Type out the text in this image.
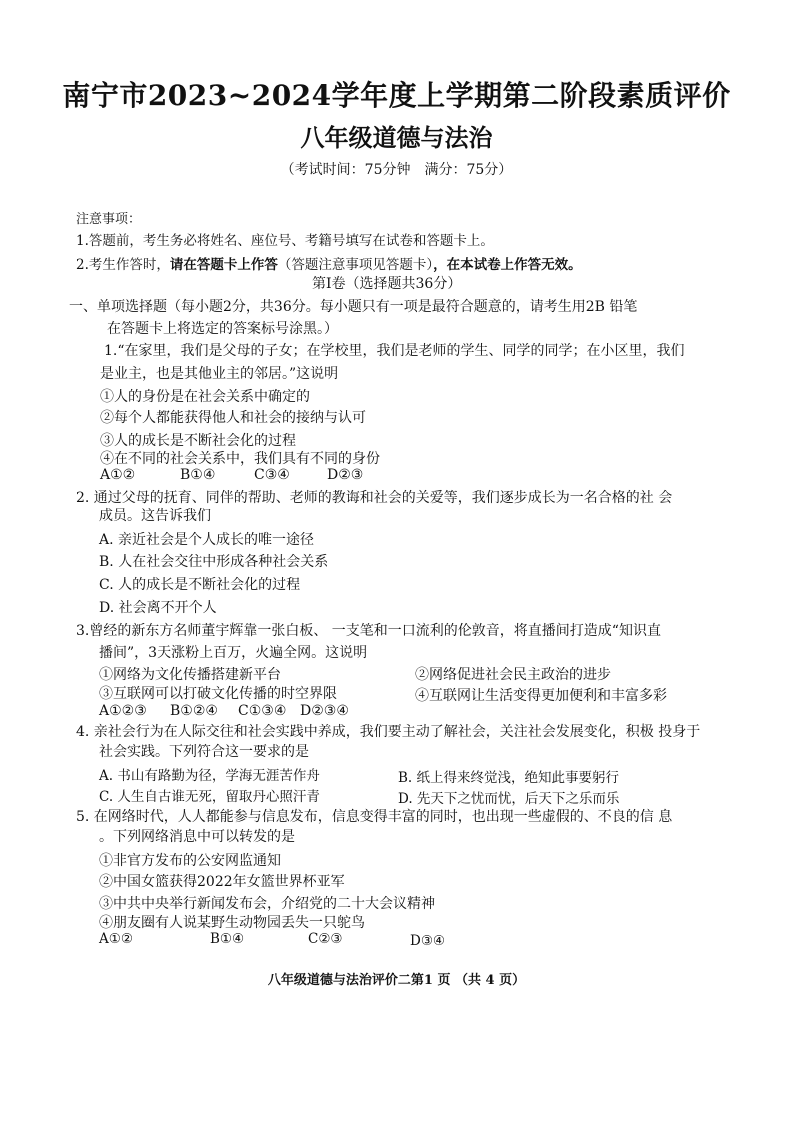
南宁市2023~2024学年度上学期第二阶段素质评价
八年级道德与法治
（考试时间：75分钟　满分：75分）
注意事项：
1.答题前，考生务必将姓名、座位号、考籍号填写在试卷和答题卡上。
2.考生作答时，请在答题卡上作答（答题注意事项见答题卡），在本试卷上作答无效。
第Ⅰ卷（选择题共36分）
一、单项选择题（每小题2分，共36分。每小题只有一项是最符合题意的，请考生用2B 铅笔
在答题卡上将选定的答案标号涂黑。）
1.“在家里，我们是父母的子女；在学校里，我们是老师的学生、同学的同学；在小区里，我们
是业主，也是其他业主的邻居。”这说明
①人的身份是在社会关系中确定的
②每个人都能获得他人和社会的接纳与认可
③人的成长是不断社会化的过程
④在不同的社会关系中，我们具有不同的身份
A①②	B①④	C③④	D②③
2. 通过父母的抚育、同伴的帮助、老师的教诲和社会的关爱等，我们逐步成长为一名合格的社 会
成员。这告诉我们
A. 亲近社会是个人成长的唯一途径
B. 人在社会交往中形成各种社会关系
C. 人的成长是不断社会化的过程
D. 社会离不开个人
3.曾经的新东方名师董宇辉靠一张白板、 一支笔和一口流利的伦敦音，将直播间打造成“知识直
播间”，3天涨粉上百万，火遍全网。这说明
①网络为文化传播搭建新平台	②网络促进社会民主政治的进步
③互联网可以打破文化传播的时空界限	④互联网让生活变得更加便利和丰富多彩
A①②③ B①②④ C①③④ D②③④
4. 亲社会行为在人际交往和社会实践中养成，我们要主动了解社会，关注社会发展变化，积极 投身于
社会实践。下列符合这一要求的是
A. 书山有路勤为径，学海无涯苦作舟	B. 纸上得来终觉浅，绝知此事要躬行
C. 人生自古谁无死，留取丹心照汗青	D. 先天下之忧而忧，后天下之乐而乐
5. 在网络时代，人人都能参与信息发布，信息变得丰富的同时，也出现一些虚假的、不良的信 息
。下列网络消息中可以转发的是
①非官方发布的公安网监通知
②中国女篮获得2022年女篮世界杯亚军
③中共中央举行新闻发布会，介绍党的二十大会议精神
④朋友圈有人说某野生动物园丢失一只鸵鸟
A①②	B①④	C②③	D③④
八年级道德与法治评价二第1 页 （共 4 页）
